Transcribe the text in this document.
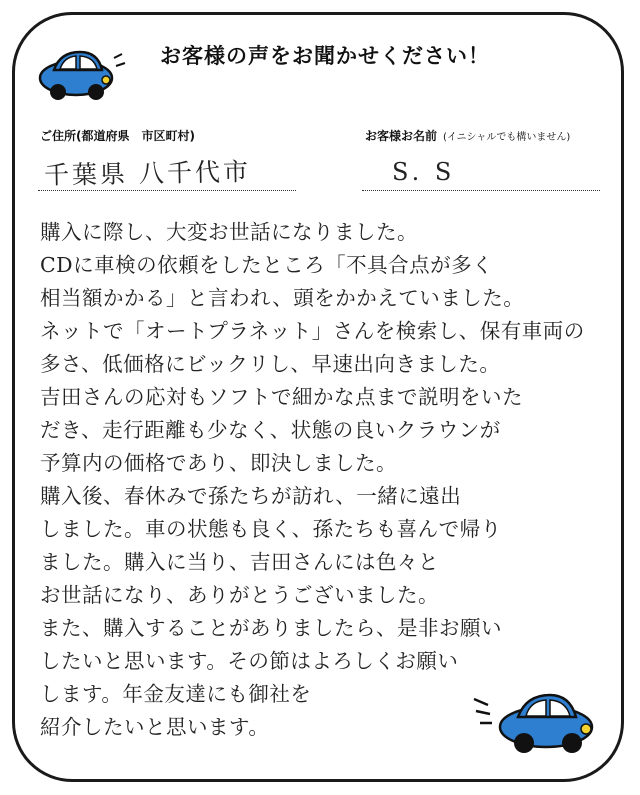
お客様の声をお聞かせください！
ご住所(都道府県　市区町村)	お客様お名前 (イニシャルでも構いません)
千葉県 八千代市	S. S
購入に際し、大変お世話になりました。
CDに車検の依頼をしたところ「不具合点が多く
相当額かかる」と言われ、頭をかかえていました。
ネットで「オートプラネット」さんを検索し、保有車両の
多さ、低価格にビックリし、早速出向きました。
吉田さんの応対もソフトで細かな点まで説明をいた
だき、走行距離も少なく、状態の良いクラウンが
予算内の価格であり、即決しました。
購入後、春休みで孫たちが訪れ、一緒に遠出
しました。車の状態も良く、孫たちも喜んで帰り
ました。購入に当り、吉田さんには色々と
お世話になり、ありがとうございました。
また、購入することがありましたら、是非お願い
したいと思います。その節はよろしくお願い
します。年金友達にも御社を
紹介したいと思います。
